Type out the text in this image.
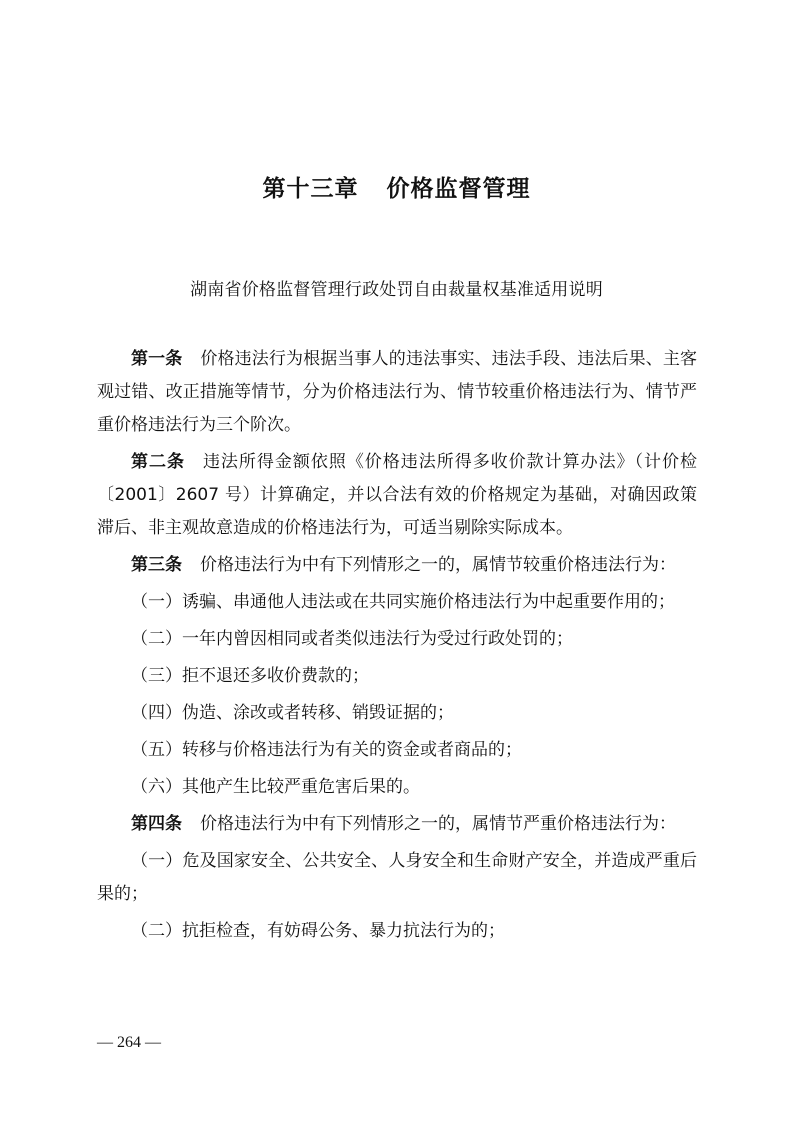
第十三章 价格监督管理
湖南省价格监督管理行政处罚自由裁量权基准适用说明

第一条 价格违法行为根据当事人的违法事实、违法手段、违法后果、主客观过错、改正措施等情节，分为价格违法行为、情节较重价格违法行为、情节严重价格违法行为三个阶次。

第二条 违法所得金额依照《价格违法所得多收价款计算办法》（计价检〔2001〕2607 号）计算确定，并以合法有效的价格规定为基础，对确因政策滞后、非主观故意造成的价格违法行为，可适当剔除实际成本。

第三条 价格违法行为中有下列情形之一的，属情节较重价格违法行为：

（一）诱骗、串通他人违法或在共同实施价格违法行为中起重要作用的；

（二）一年内曾因相同或者类似违法行为受过行政处罚的；

（三）拒不退还多收价费款的；

（四）伪造、涂改或者转移、销毁证据的；

（五）转移与价格违法行为有关的资金或者商品的；

（六）其他产生比较严重危害后果的。

第四条 价格违法行为中有下列情形之一的，属情节严重价格违法行为：

（一）危及国家安全、公共安全、人身安全和生命财产安全，并造成严重后果的；

（二）抗拒检查，有妨碍公务、暴力抗法行为的；

— 264 —
